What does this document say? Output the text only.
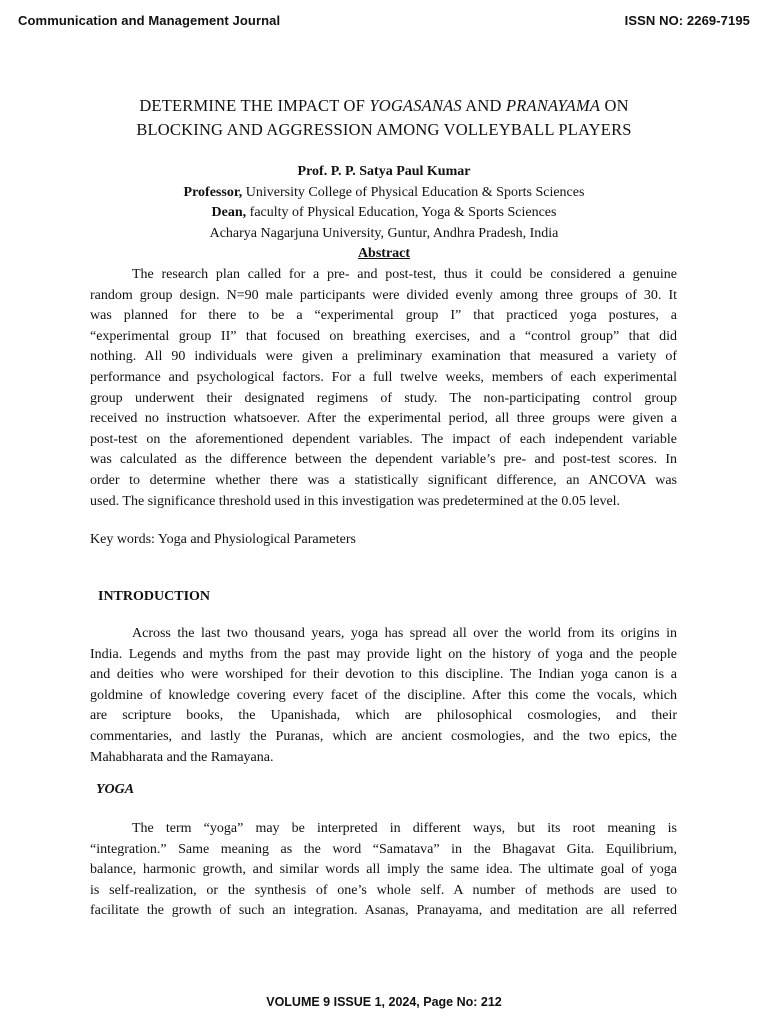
Communication and Management Journal	ISSN NO: 2269-7195
DETERMINE THE IMPACT OF YOGASANAS AND PRANAYAMA ON
BLOCKING AND AGGRESSION AMONG VOLLEYBALL PLAYERS
Prof. P. P. Satya Paul Kumar
Professor, University College of Physical Education & Sports Sciences
Dean, faculty of Physical Education, Yoga & Sports Sciences
Acharya Nagarjuna University, Guntur, Andhra Pradesh, India
Abstract
The research plan called for a pre- and post-test, thus it could be considered a genuine
random group design. N=90 male participants were divided evenly among three groups of 30. It
was planned for there to be a “experimental group I” that practiced yoga postures, a
“experimental group II” that focused on breathing exercises, and a “control group” that did
nothing. All 90 individuals were given a preliminary examination that measured a variety of
performance and psychological factors. For a full twelve weeks, members of each experimental
group underwent their designated regimens of study. The non-participating control group
received no instruction whatsoever. After the experimental period, all three groups were given a
post-test on the aforementioned dependent variables. The impact of each independent variable
was calculated as the difference between the dependent variable’s pre- and post-test scores. In
order to determine whether there was a statistically significant difference, an ANCOVA was
used. The significance threshold used in this investigation was predetermined at the 0.05 level.
Key words: Yoga and Physiological Parameters
INTRODUCTION
Across the last two thousand years, yoga has spread all over the world from its origins in
India. Legends and myths from the past may provide light on the history of yoga and the people
and deities who were worshiped for their devotion to this discipline. The Indian yoga canon is a
goldmine of knowledge covering every facet of the discipline. After this come the vocals, which
are scripture books, the Upanishada, which are philosophical cosmologies, and their
commentaries, and lastly the Puranas, which are ancient cosmologies, and the two epics, the
Mahabharata and the Ramayana.
YOGA
The term “yoga” may be interpreted in different ways, but its root meaning is
“integration.” Same meaning as the word “Samatava” in the Bhagavat Gita. Equilibrium,
balance, harmonic growth, and similar words all imply the same idea. The ultimate goal of yoga
is self-realization, or the synthesis of one’s whole self. A number of methods are used to
facilitate the growth of such an integration. Asanas, Pranayama, and meditation are all referred
VOLUME 9 ISSUE 1, 2024, Page No: 212
